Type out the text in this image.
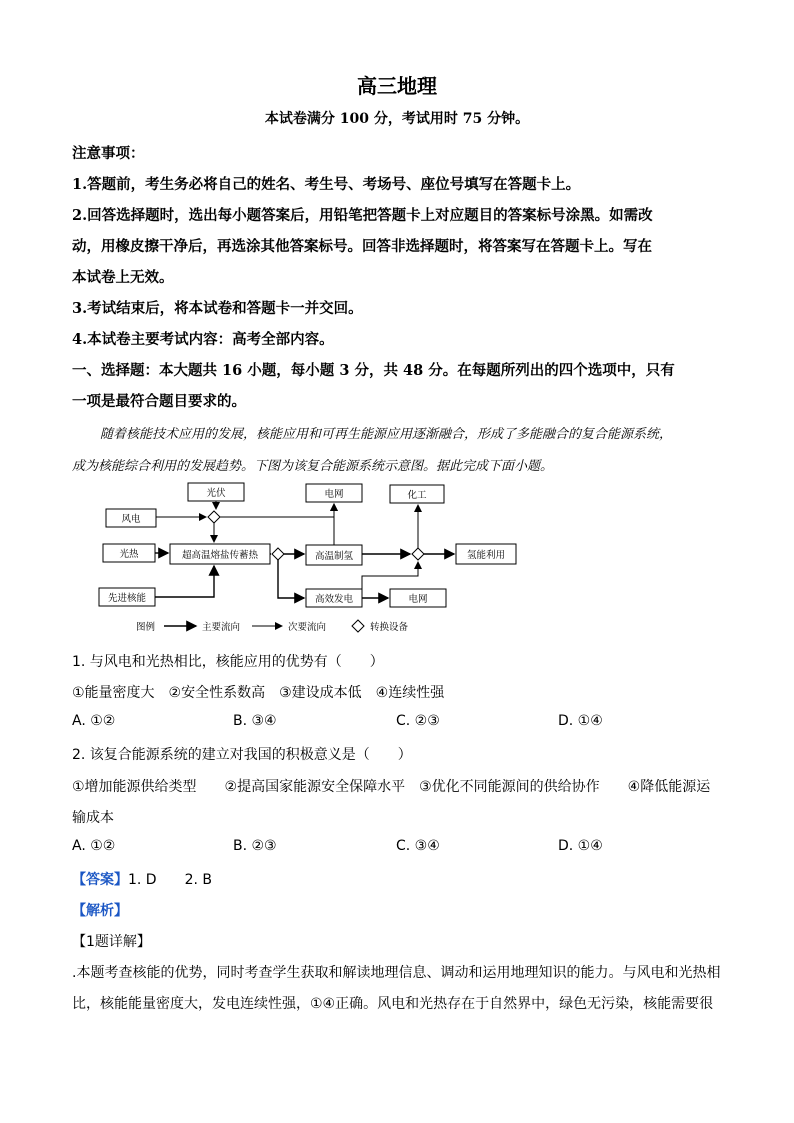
高三地理
本试卷满分 100 分，考试用时 75 分钟。
注意事项：
1.答题前，考生务必将自己的姓名、考生号、考场号、座位号填写在答题卡上。
2.回答选择题时，选出每小题答案后，用铅笔把答题卡上对应题目的答案标号涂黑。如需改
动，用橡皮擦干净后，再选涂其他答案标号。回答非选择题时，将答案写在答题卡上。写在
本试卷上无效。
3.考试结束后，将本试卷和答题卡一并交回。
4.本试卷主要考试内容：高考全部内容。
一、选择题：本大题共 16 小题，每小题 3 分，共 48 分。在每题所列出的四个选项中，只有
一项是最符合题目要求的。
随着核能技术应用的发展，核能应用和可再生能源应用逐渐融合，形成了多能融合的复合能源系统，
成为核能综合利用的发展趋势。下图为该复合能源系统示意图。据此完成下面小题。
光伏
风电
光热	超高温熔盐传蓄热
先进核能
电网
高温制氢
化工
氢能利用
高效发电	电网
图例	主要流向	次要流向	转换设备
1. 与风电和光热相比，核能应用的优势有（　　）
①能量密度大　②安全性系数高　③建设成本低　④连续性强
A. ①②	B. ③④	C. ②③	D. ①④
2. 该复合能源系统的建立对我国的积极意义是（　　）
①增加能源供给类型　　②提高国家能源安全保障水平　③优化不同能源间的供给协作　　④降低能源运
输成本
A. ①②	B. ②③	C. ③④	D. ①④
【答案】1. D　　2. B
【解析】
【1题详解】
.本题考查核能的优势，同时考查学生获取和解读地理信息、调动和运用地理知识的能力。与风电和光热相
比，核能能量密度大，发电连续性强，①④正确。风电和光热存在于自然界中，绿色无污染，核能需要很
